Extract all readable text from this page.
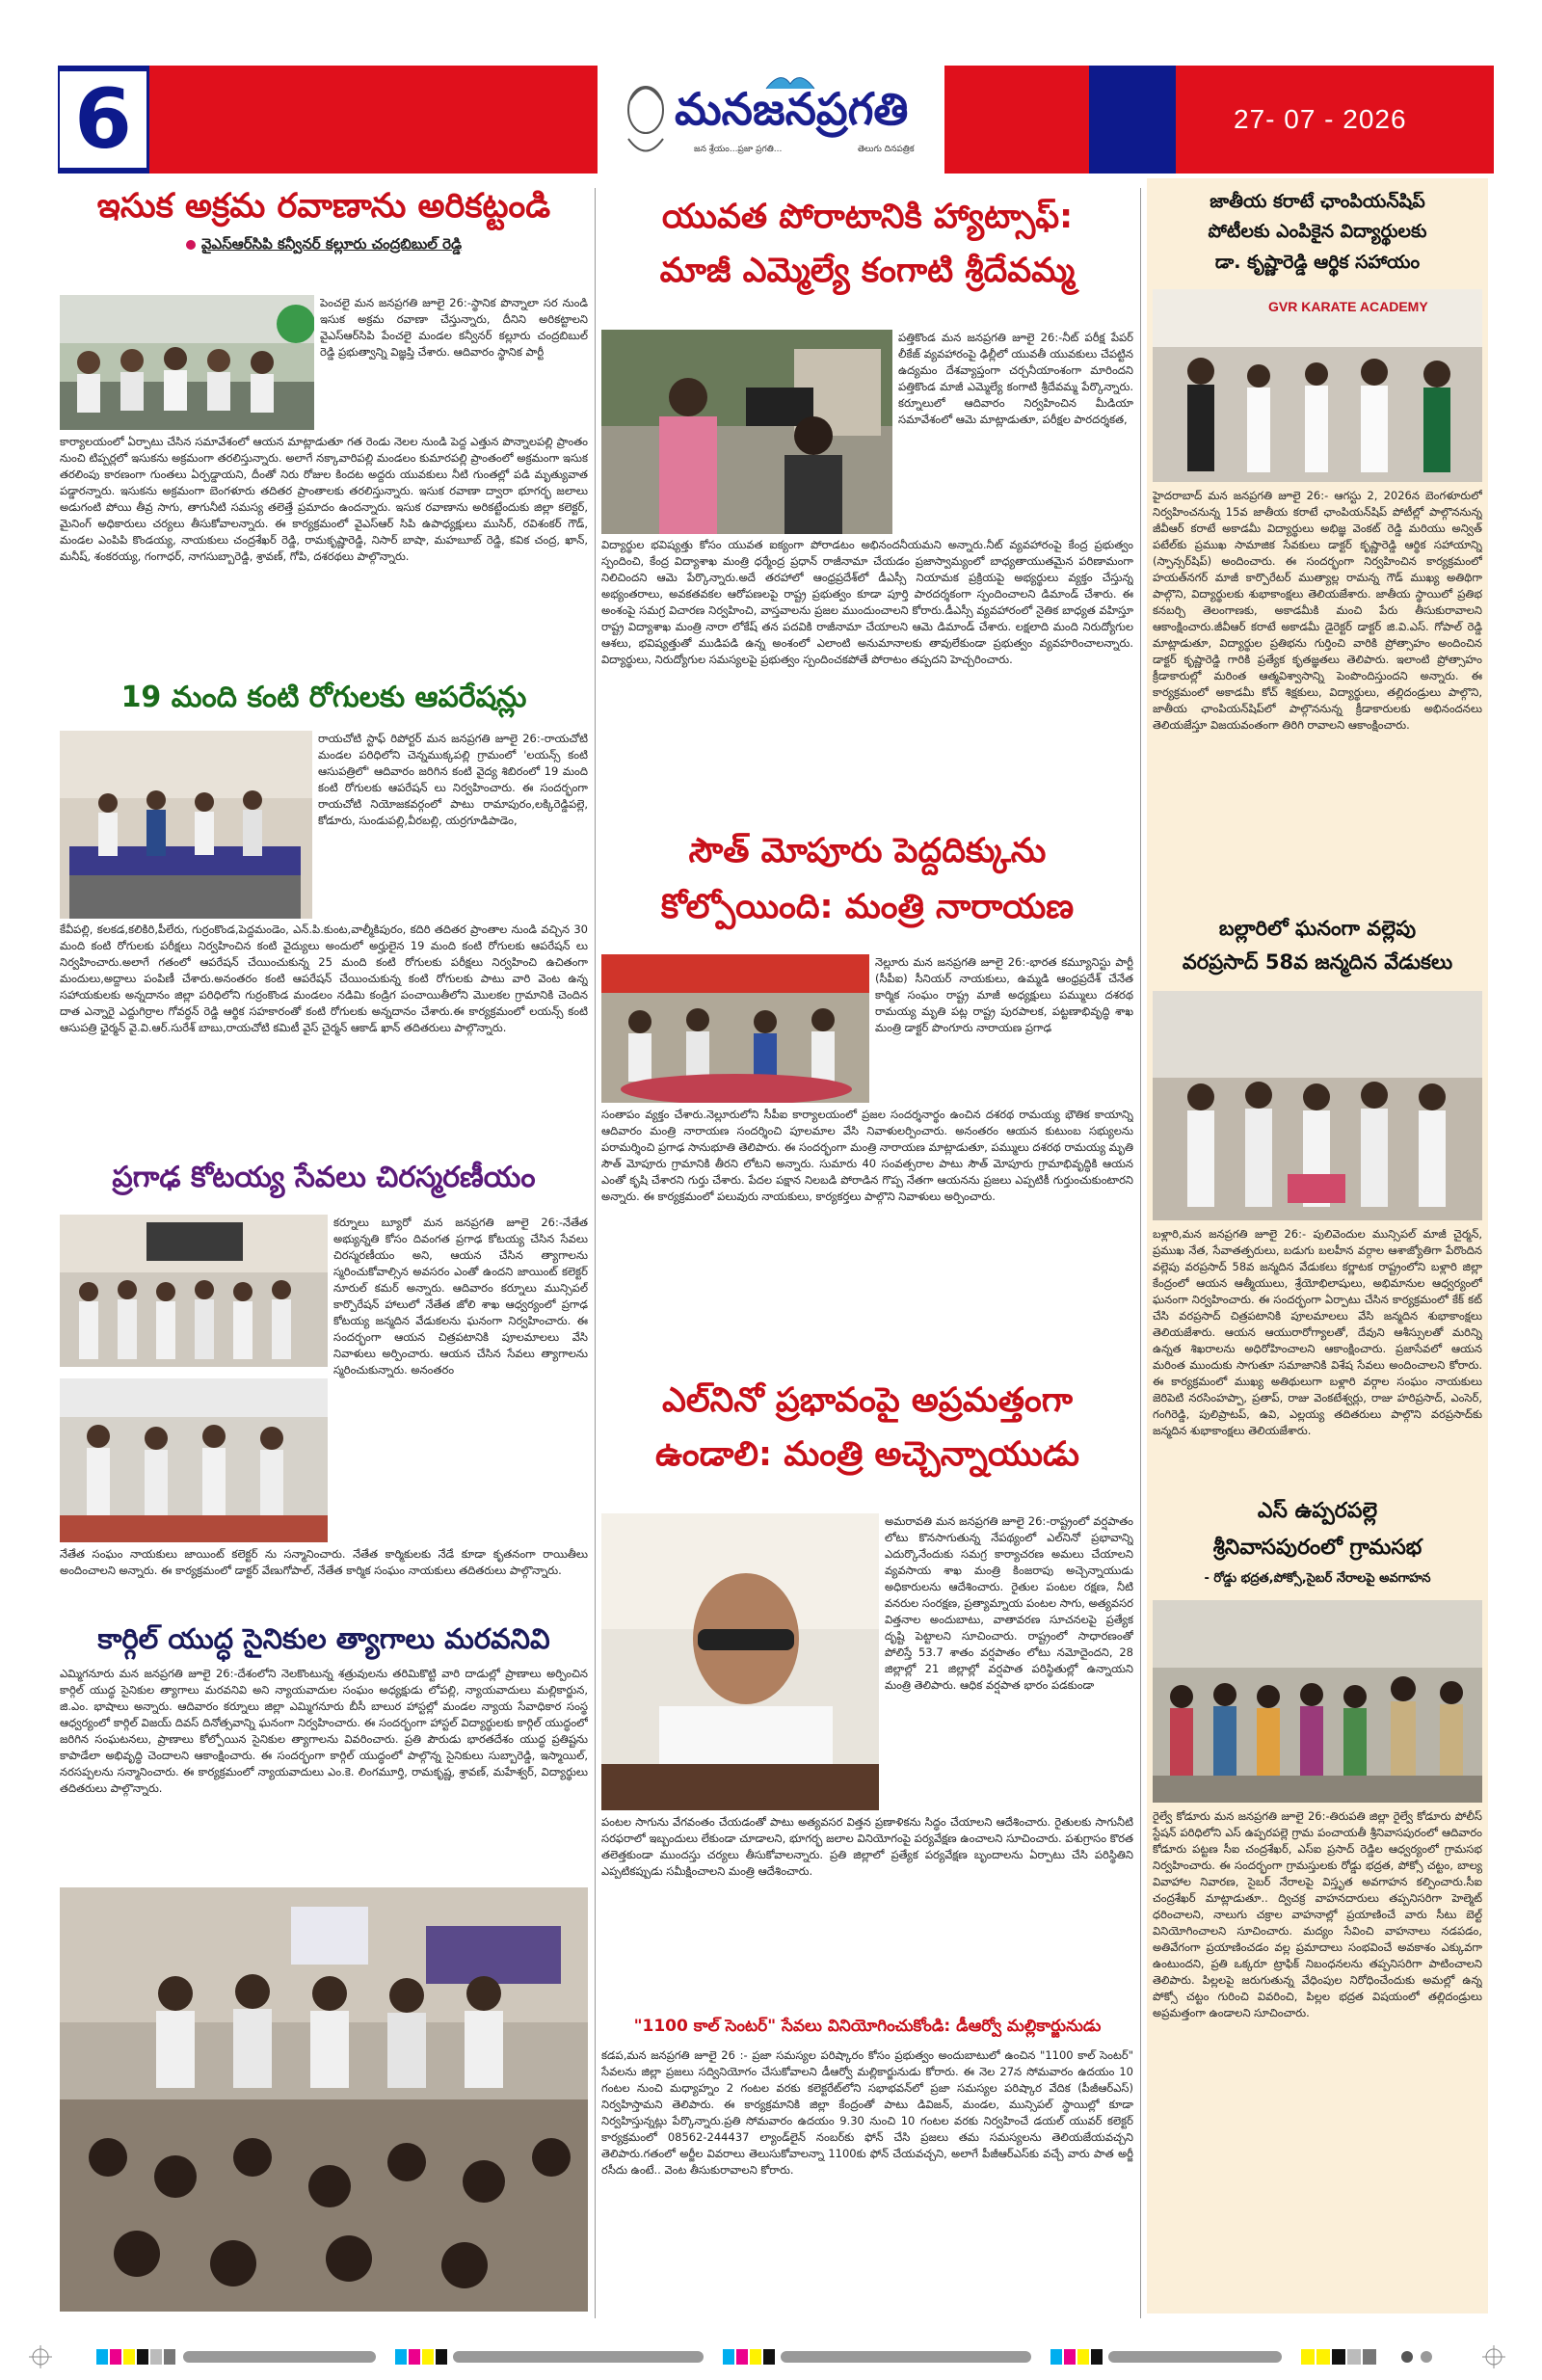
6	27- 07 - 2026
మనజనప్రగతి
జన శ్రేయం...ప్రజా ప్రగతి...	తెలుగు దినపత్రిక
ఇసుక అక్రమ రవాణాను అరికట్టండి
వైఎస్ఆర్‌సిపి కన్వీనర్ కల్లూరు చంద్రబిబుల్ రెడ్డి
పెంచలై మన జనప్రగతి జూలై 26:-స్థానిక పొన్నాలా సర నుండి ఇసుక అక్రమ రవాణా చేస్తున్నారు, దీనిని అరికట్టాలని వైఎస్‌ఆర్‌సిపి పేంచలై మండల కన్వీనర్ కల్లూరు చంద్రబిబుల్ రెడ్డి ప్రభుత్వాన్ని విజ్ఞప్తి చేశారు. ఆదివారం స్థానిక పార్టీ
కార్యాలయంలో ఏర్పాటు చేసిన సమావేశంలో ఆయన మాట్లాడుతూ గత రెండు నెలల నుండి పెద్ద ఎత్తున పొన్నాలపల్లి ప్రాంతం నుంచి టిప్పర్లలో ఇసుకను అక్రమంగా తరలిస్తున్నారు. అలాగే నక్కావారిపల్లి మండలం కుమారపల్లి ప్రాంతంలో అక్రమంగా ఇసుక తరలింపు కారణంగా గుంతలు ఏర్పడ్డాయని, దీంతో నిరు రోజుల కిందట అద్దరు యువకులు నీటి గుంతల్లో పడి మృత్యువాత పడ్డారన్నారు. ఇసుకను అక్రమంగా బెంగళూరు తదితర ప్రాంతాలకు తరలిస్తున్నారు. ఇసుక రవాణా ద్వారా భూగర్భ జలాలు అడుగంటి పోయి తీవ్ర సాగు, తాగునీటి సమస్య తలెత్తే ప్రమాదం ఉందన్నారు. ఇసుక రవాణాను అరికట్టేందుకు జిల్లా కలెక్టర్, మైనింగ్ అధికారులు చర్యలు తీసుకోవాలన్నారు. ఈ కార్యక్రమంలో వైఎస్‌ఆర్ సిపి ఉపాధ్యక్షులు ముసిర్, రవిశంకర్ గౌడ్, మండల ఎంపిపి కొండయ్య, నాయకులు చంద్రశేఖర్ రెడ్డి, రామకృష్ణారెడ్డి, నిసార్ బాషా, మహబూబ్ రెడ్డి, కవిక చంద్ర, ఖాన్, మనీష్, శంకరయ్య, గంగాధర్, నాగసుబ్బారెడ్డి, శ్రావణ్, గోపి, దశరథలు పాల్గొన్నారు.
19 మంది కంటి రోగులకు ఆపరేషన్లు
రాయచోటి స్టాఫ్ రిపోర్టర్ మన జనప్రగతి జూలై 26:-రాయచోటి మండల పరిధిలోని చెన్నముక్కపల్లి గ్రామంలో 'లయన్స్ కంటి ఆసుపత్రిలో' ఆదివారం జరిగిన కంటి వైద్య శిబిరంలో 19 మంది కంటి రోగులకు ఆపరేషన్ లు నిర్వహించారు. ఈ సందర్భంగా రాయచోటి నియోజకవర్గంలో పాటు రామాపురం,లక్కిరెడ్డిపల్లె, కోడూరు, సుండుపల్లి,వీరబల్లి, యర్రగూడిపాడెం,
కేవీపల్లి, కలకడ,కలికిరి,పీలేరు, గుర్రంకొండ,పెద్దమండెం, ఎన్.పి.కుంట,వాల్మీకిపురం, కదిరి తదితర ప్రాంతాల నుండి వచ్చిన 30 మంది కంటి రోగులకు పరీక్షలు నిర్వహించిన కంటి వైద్యులు అందులో అర్హులైన 19 మంది కంటి రోగులకు ఆపరేషన్ లు నిర్వహించారు.అలాగే గతంలో ఆపరేషన్ చేయించుకున్న 25 మంది కంటి రోగులకు పరీక్షలు నిర్వహించి ఉచితంగా మందులు,అద్దాలు పంపిణీ చేశారు.అనంతరం కంటి ఆపరేషన్ చేయించుకున్న కంటి రోగులకు పాటు వారి వెంట ఉన్న సహాయకులకు అన్నదానం జిల్లా పరిధిలోని గుర్రంకొండ మండలం నడిమి కండ్రిగ పంచాయితీలోని మొలకల గ్రామానికి చెందిన దాత ఎన్నారై ఎద్దుగిర్రాల గోవర్ధన్ రెడ్డి ఆర్థిక సహకారంతో కంటి రోగులకు అన్నదానం చేశారు.ఈ కార్యక్రమంలో లయన్స్ కంటి ఆసుపత్రి ఛైర్మన్ వై.వి.ఆర్.సురేశ్ బాబు,రాయచోటి కమిటీ వైస్ చైర్మన్ ఆకాడ్ ఖాన్ తదితరులు పాల్గొన్నారు.
ప్రగాఢ కోటయ్య సేవలు చిరస్మరణీయం
కర్నూలు బ్యూరో మన జనప్రగతి జూలై 26:-నేతేత అభ్యున్నతి కోసం దివంగత ప్రగాఢ కోటయ్య చేసిన సేవలు చిరస్మరణీయం అని, ఆయన చేసిన త్యాగాలను స్మరించుకోవాల్సిన అవసరం ఎంతో ఉందని జాయింట్ కలెక్టర్ నూరుల్ కమర్ అన్నారు. ఆదివారం కర్నూలు మున్సిపల్ కార్పొరేషన్ హాలులో నేతేత జోలి శాఖ ఆధ్వర్యంలో ప్రగాఢ కోటయ్య జన్మదిన వేడుకలను ఘనంగా నిర్వహించారు. ఈ సందర్భంగా ఆయన చిత్రపటానికి పూలమాలలు వేసి నివాళులు అర్పించారు. ఆయన చేసిన సేవలు త్యాగాలను స్మరించుకున్నారు. అనంతరం
నేతేత సంఘం నాయకులు జాయింట్ కలెక్టర్ ను సన్మానించారు. నేతేత కార్మికులకు నేడే కూడా కృతనంగా రాయితీలు అందించాలని అన్నారు. ఈ కార్యక్రమంలో డాక్టర్ వేణుగోపాల్, నేతేత కార్మిక సంఘం నాయకులు తదితరులు పాల్గొన్నారు.
కార్గిల్ యుద్ధ సైనికుల త్యాగాలు మరవనివి
ఎమ్మిగనూరు మన జనప్రగతి జూలై 26:-దేశంలోని నెలకొంటున్న శత్రువులను తరిమికొట్టి వారి దాడుల్లో ప్రాణాలు అర్పించిన కార్గిల్ యుద్ధ సైనికుల త్యాగాలు మరవనివి అని న్యాయవాదుల సంఘం అధ్యక్షుడు లోపల్లి, న్యాయవాదులు మల్లికార్జున, జి.ఎం. భాషాలు అన్నారు. ఆదివారం కర్నూలు జిల్లా ఎమ్మిగనూరు బీసీ బాలుర హాస్టల్లో మండల న్యాయ సేవాధికార సంస్థ ఆధ్వర్యంలో కార్గిల్ విజయ్ దివస్ దినోత్సవాన్ని ఘనంగా నిర్వహించారు. ఈ సందర్భంగా హాస్టల్ విద్యార్థులకు కార్గిల్ యుద్ధంలో జరిగిన సంఘటనలు, ప్రాణాలు కోల్పోయిన సైనికుల త్యాగాలను వివరించారు. ప్రతి పౌరుడు భారతదేశం యుద్ధ ప్రతిష్టను కాపాడేలా అభివృద్ధి చెందాలని ఆకాంక్షించారు. ఈ సందర్భంగా కార్గిల్ యుద్ధంలో పాల్గొన్న సైనికులు సుబ్బారెడ్డి, ఇస్మాయిల్, నరసప్పలను సన్మానించారు. ఈ కార్యక్రమంలో న్యాయవాదులు ఎం.కె. లింగమూర్తి, రామకృష్ణ, శ్రావణ్, మహేశ్వర్, విద్యార్థులు తదితరులు పాల్గొన్నారు.
యువత పోరాటానికి హ్యాట్సాఫ్:
మాజీ ఎమ్మెల్యే కంగాటి శ్రీదేవమ్మ
పత్తికొండ మన జనప్రగతి జూలై 26:-నీట్ పరీక్ష పేపర్ లీకేజ్ వ్యవహారంపై ఢిల్లీలో యువతీ యువకులు చేపట్టిన ఉద్యమం దేశవ్యాప్తంగా చర్చనీయాంశంగా మారిందని పత్తికొండ మాజీ ఎమ్మెల్యే కంగాటి శ్రీదేవమ్మ పేర్కొన్నారు. కర్నూలులో ఆదివారం నిర్వహించిన మీడియా సమావేశంలో ఆమె మాట్లాడుతూ, పరీక్షల పారదర్శకత,
విద్యార్థుల భవిష్యత్తు కోసం యువత ఐక్యంగా పోరాడటం అభినందనీయమని అన్నారు.నీట్ వ్యవహారంపై కేంద్ర ప్రభుత్వం స్పందించి, కేంద్ర విద్యాశాఖ మంత్రి ధర్మేంద్ర ప్రధాన్ రాజీనామా చేయడం ప్రజాస్వామ్యంలో బాధ్యతాయుతమైన పరిణామంగా నిలిచిందని ఆమె పేర్కొన్నారు.అదే తరహాలో ఆంధ్రప్రదేశ్‌లో డీఎస్సీ నియామక ప్రక్రియపై అభ్యర్థులు వ్యక్తం చేస్తున్న అభ్యంతరాలు, అవకతవకల ఆరోపణలపై రాష్ట్ర ప్రభుత్వం కూడా పూర్తి పారదర్శకంగా స్పందించాలని డిమాండ్ చేశారు. ఈ అంశంపై సమగ్ర విచారణ నిర్వహించి, వాస్తవాలను ప్రజల ముందుంచాలని కోరారు.డీఎస్సీ వ్యవహారంలో నైతిక బాధ్యత వహిస్తూ రాష్ట్ర విద్యాశాఖ మంత్రి నారా లోకేష్ తన పదవికి రాజీనామా చేయాలని ఆమె డిమాండ్ చేశారు. లక్షలాది మంది నిరుద్యోగుల ఆశలు, భవిష్యత్తుతో ముడిపడి ఉన్న అంశంలో ఎలాంటి అనుమానాలకు తావులేకుండా ప్రభుత్వం వ్యవహరించాలన్నారు. విద్యార్థులు, నిరుద్యోగుల సమస్యలపై ప్రభుత్వం స్పందించకపోతే పోరాటం తప్పదని హెచ్చరించారు.
సౌత్ మోపూరు పెద్దదిక్కును
కోల్పోయింది: మంత్రి నారాయణ
నెల్లూరు మన జనప్రగతి జూలై 26:-భారత కమ్యూనిస్టు పార్టీ (సీపీఐ) సీనియర్ నాయకులు, ఉమ్మడి ఆంధ్రప్రదేశ్ చేనేత కార్మిక సంఘం రాష్ట్ర మాజీ అధ్యక్షులు పమ్ములు దశరథ రామయ్య మృతి పట్ల రాష్ట్ర పురపాలక, పట్టణాభివృద్ధి శాఖ మంత్రి డాక్టర్ పొంగూరు నారాయణ ప్రగాఢ
సంతాపం వ్యక్తం చేశారు.నెల్లూరులోని సీపీఐ కార్యాలయంలో ప్రజల సందర్శనార్థం ఉంచిన దశరథ రామయ్య భౌతిక కాయాన్ని ఆదివారం మంత్రి నారాయణ సందర్శించి పూలమాల వేసి నివాళులర్పించారు. అనంతరం ఆయన కుటుంబ సభ్యులను పరామర్శించి ప్రగాఢ సానుభూతి తెలిపారు. ఈ సందర్భంగా మంత్రి నారాయణ మాట్లాడుతూ, పమ్ములు దశరథ రామయ్య మృతి సౌత్ మోపూరు గ్రామానికి తీరని లోటని అన్నారు. సుమారు 40 సంవత్సరాల పాటు సౌత్ మోపూరు గ్రామాభివృద్ధికి ఆయన ఎంతో కృషి చేశారని గుర్తు చేశారు. పేదల పక్షాన నిలబడి పోరాడిన గొప్ప నేతగా ఆయనను ప్రజలు ఎప్పటికీ గుర్తుంచుకుంటారని అన్నారు. ఈ కార్యక్రమంలో పలువురు నాయకులు, కార్యకర్తలు పాల్గొని నివాళులు అర్పించారు.
ఎల్‌నినో ప్రభావంపై అప్రమత్తంగా
ఉండాలి: మంత్రి అచ్చెన్నాయుడు
అమరావతి మన జనప్రగతి జూలై 26:-రాష్ట్రంలో వర్షపాతం లోటు కొనసాగుతున్న నేపథ్యంలో ఎల్‌నినో ప్రభావాన్ని ఎదుర్కొనేందుకు సమగ్ర కార్యాచరణ అమలు చేయాలని వ్యవసాయ శాఖ మంత్రి కింజరాపు అచ్చెన్నాయుడు అధికారులను ఆదేశించారు. రైతుల పంటల రక్షణ, నీటి వనరుల సంరక్షణ, ప్రత్యామ్నాయ పంటల సాగు, అత్యవసర విత్తనాల అందుబాటు, వాతావరణ సూచనలపై ప్రత్యేక దృష్టి పెట్టాలని సూచించారు. రాష్ట్రంలో సాధారణంతో పోలిస్తే 53.7 శాతం వర్షపాతం లోటు నమోదైందని, 28 జిల్లాల్లో 21 జిల్లాల్లో వర్షపాత పరిస్థితుల్లో ఉన్నాయని మంత్రి తెలిపారు. ఆధిక వర్షపాత భారం పడకుండా
పంటల సాగును వేగవంతం చేయడంతో పాటు అత్యవసర విత్తన ప్రణాళికను సిద్ధం చేయాలని ఆదేశించారు. రైతులకు సాగునీటి సరఫరాలో ఇబ్బందులు లేకుండా చూడాలని, భూగర్భ జలాల వినియోగంపై పర్యవేక్షణ ఉంచాలని సూచించారు. పశుగ్రాసం కొరత తలెత్తకుండా ముందస్తు చర్యలు తీసుకోవాలన్నారు. ప్రతి జిల్లాలో ప్రత్యేక పర్యవేక్షణ బృందాలను ఏర్పాటు చేసి పరిస్థితిని ఎప్పటికప్పుడు సమీక్షించాలని మంత్రి ఆదేశించారు.
"1100 కాల్ సెంటర్" సేవలు వినియోగించుకోండి: డీఆర్వో మల్లికార్జునుడు
కడప,మన జనప్రగతి జూలై 26 :- ప్రజా సమస్యల పరిష్కారం కోసం ప్రభుత్వం అందుబాటులో ఉంచిన "1100 కాల్ సెంటర్" సేవలను జిల్లా ప్రజలు సద్వినియోగం చేసుకోవాలని డీఆర్వో మల్లికార్జునుడు కోరారు. ఈ నెల 27న సోమవారం ఉదయం 10 గంటల నుంచి మధ్యాహ్నం 2 గంటల వరకు కలెక్టరేట్‌లోని సభాభవన్‌లో ప్రజా సమస్యల పరిష్కార వేదిక (పీజీఆర్ఎస్) నిర్వహిస్తామని తెలిపారు. ఈ కార్యక్రమానికి జిల్లా కేంద్రంతో పాటు డివిజన్, మండల, మున్సిపల్ స్థాయిల్లో కూడా నిర్వహిస్తున్నట్లు పేర్కొన్నారు.ప్రతి సోమవారం ఉదయం 9.30 నుంచి 10 గంటల వరకు నిర్వహించే డయల్ యువర్ కలెక్టర్ కార్యక్రమంలో 08562-244437 ల్యాండ్‌లైన్ నంబర్‌కు ఫోన్ చేసి ప్రజలు తమ సమస్యలను తెలియజేయవచ్చని తెలిపారు.గతంలో అర్జీల వివరాలు తెలుసుకోవాలన్నా 1100కు ఫోన్ చేయవచ్చని, అలాగే పీజీఆర్ఎస్‌కు వచ్చే వారు పాత అర్జీ రసీదు ఉంటే.. వెంట తీసుకురావాలని కోరారు.
జాతీయ కరాటే ఛాంపియన్‌షిప్
పోటీలకు ఎంపికైన విద్యార్థులకు
డా. కృష్ణారెడ్డి ఆర్థిక సహాయం
GVR KARATE ACADEMY
హైదరాబాద్ మన జనప్రగతి జూలై 26:- ఆగస్టు 2, 2026న బెంగళూరులో నిర్వహించనున్న 15వ జాతీయ కరాటే ఛాంపియన్‌షిప్ పోటీల్లో పాల్గొననున్న జీవీఆర్ కరాటే అకాడమీ విద్యార్థులు అభిజ్ఞ వెంకట్ రెడ్డి మరియు అన్విత్ పటేల్‌కు ప్రముఖ సామాజిక సేవకులు డాక్టర్ కృష్ణారెడ్డి ఆర్థిక సహాయాన్ని (స్పాన్సర్‌షిప్) అందించారు. ఈ సందర్భంగా నిర్వహించిన కార్యక్రమంలో హయత్‌నగర్ మాజీ కార్పొరేటర్ ముత్యాల్ల రామన్న గౌడ్ ముఖ్య అతిథిగా పాల్గొని, విద్యార్థులకు శుభాకాంక్షలు తెలియజేశారు. జాతీయ స్థాయిలో ప్రతిభ కనబర్చి తెలంగాణకు, అకాడమీకి మంచి పేరు తీసుకురావాలని ఆకాంక్షించారు.జీవీఆర్ కరాటే అకాడమీ డైరెక్టర్ డాక్టర్ జి.వి.ఎస్. గోపాల్ రెడ్డి మాట్లాడుతూ, విద్యార్థుల ప్రతిభను గుర్తించి వారికి ప్రోత్సాహం అందించిన డాక్టర్ కృష్ణారెడ్డి గారికి ప్రత్యేక కృతజ్ఞతలు తెలిపారు. ఇలాంటి ప్రోత్సాహం క్రీడాకారుల్లో మరింత ఆత్మవిశ్వాసాన్ని పెంపొందిస్తుందని అన్నారు. ఈ కార్యక్రమంలో అకాడమీ కోచ్ శిక్షకులు, విద్యార్థులు, తల్లిదండ్రులు పాల్గొని, జాతీయ ఛాంపియన్‌షిప్‌లో పాల్గొననున్న క్రీడాకారులకు అభినందనలు తెలియజేస్తూ విజయవంతంగా తిరిగి రావాలని ఆకాంక్షించారు.
బల్లారిలో ఘనంగా వల్లెపు
వరప్రసాద్ 58వ జన్మదిన వేడుకలు
బళ్లారి,మన జనప్రగతి జూలై 26:- పులివెందుల మున్సిపల్ మాజీ చైర్మన్, ప్రముఖ నేత, సేవాతత్పరులు, బడుగు బలహీన వర్గాల ఆశాజ్యోతిగా పేరొందిన వల్లెపు వరప్రసాద్ 58వ జన్మదిన వేడుకలు కర్ణాటక రాష్ట్రంలోని బళ్లారి జిల్లా కేంద్రంలో ఆయన ఆత్మీయులు, శ్రేయోభిలాషులు, అభిమానుల ఆధ్వర్యంలో ఘనంగా నిర్వహించారు. ఈ సందర్భంగా ఏర్పాటు చేసిన కార్యక్రమంలో కేక్ కట్ చేసి వరప్రసాద్ చిత్రపటానికి పూలమాలలు వేసి జన్మదిన శుభాకాంక్షలు తెలియజేశారు. ఆయన ఆయురారోగ్యాలతో, దేవుని ఆశీస్సులతో మరిన్ని ఉన్నత శిఖరాలను అధిరోహించాలని ఆకాంక్షించారు. ప్రజాసేవలో ఆయన మరింత ముందుకు సాగుతూ సమాజానికి విశేష సేవలు అందించాలని కోరారు. ఈ కార్యక్రమంలో ముఖ్య అతిథులుగా బళ్లారి వర్గాల సంఘం నాయకులు జెరిపెటి నరసింహప్పా, ప్రతాప్, రాజు వెంకటేశ్వర్లు, రాజు హరిప్రసాద్, ఎంసెర్, గంగిరెడ్డి, పులిప్రాటప్, ఉవి, ఎల్లయ్య తదితరులు పాల్గొని వరప్రసాద్‌కు జన్మదిన శుభాకాంక్షలు తెలియజేశారు.
ఎస్ ఉప్పరపల్లె
శ్రీనివాసపురంలో గ్రామసభ
- రోడ్డు భద్రత,పోక్సో,సైబర్ నేరాలపై అవగాహన
రైల్వే కోడూరు మన జనప్రగతి జూలై 26:-తిరుపతి జిల్లా రైల్వే కోడూరు పోలీస్ స్టేషన్ పరిధిలోని ఎస్ ఉప్పరపల్లె గ్రామ పంచాయతీ శ్రీనివాసపురంలో ఆదివారం కోడూరు పట్టణ సీఐ చంద్రశేఖర్, ఎస్ఐ ప్రసాద్ రెడ్డిల ఆధ్వర్యంలో గ్రామసభ నిర్వహించారు. ఈ సందర్భంగా గ్రామస్తులకు రోడ్డు భద్రత, పోక్సో చట్టం, బాల్య వివాహాల నివారణ, సైబర్ నేరాలపై విస్తృత అవగాహన కల్పించారు.సీఐ చంద్రశేఖర్ మాట్లాడుతూ.. ద్విచక్ర వాహనదారులు తప్పనిసరిగా హెల్మెట్ ధరించాలని, నాలుగు చక్రాల వాహనాల్లో ప్రయాణించే వారు సీటు బెల్ట్ వినియోగించాలని సూచించారు. మద్యం సేవించి వాహనాలు నడపడం, అతివేగంగా ప్రయాణించడం వల్ల ప్రమాదాలు సంభవించే అవకాశం ఎక్కువగా ఉంటుందని, ప్రతి ఒక్కరూ ట్రాఫిక్ నిబంధనలను తప్పనిసరిగా పాటించాలని తెలిపారు. పిల్లలపై జరుగుతున్న వేధింపుల నిరోధించేందుకు అమల్లో ఉన్న పోక్సో చట్టం గురించి వివరించి, పిల్లల భద్రత విషయంలో తల్లిదండ్రులు అప్రమత్తంగా ఉండాలని సూచించారు.
